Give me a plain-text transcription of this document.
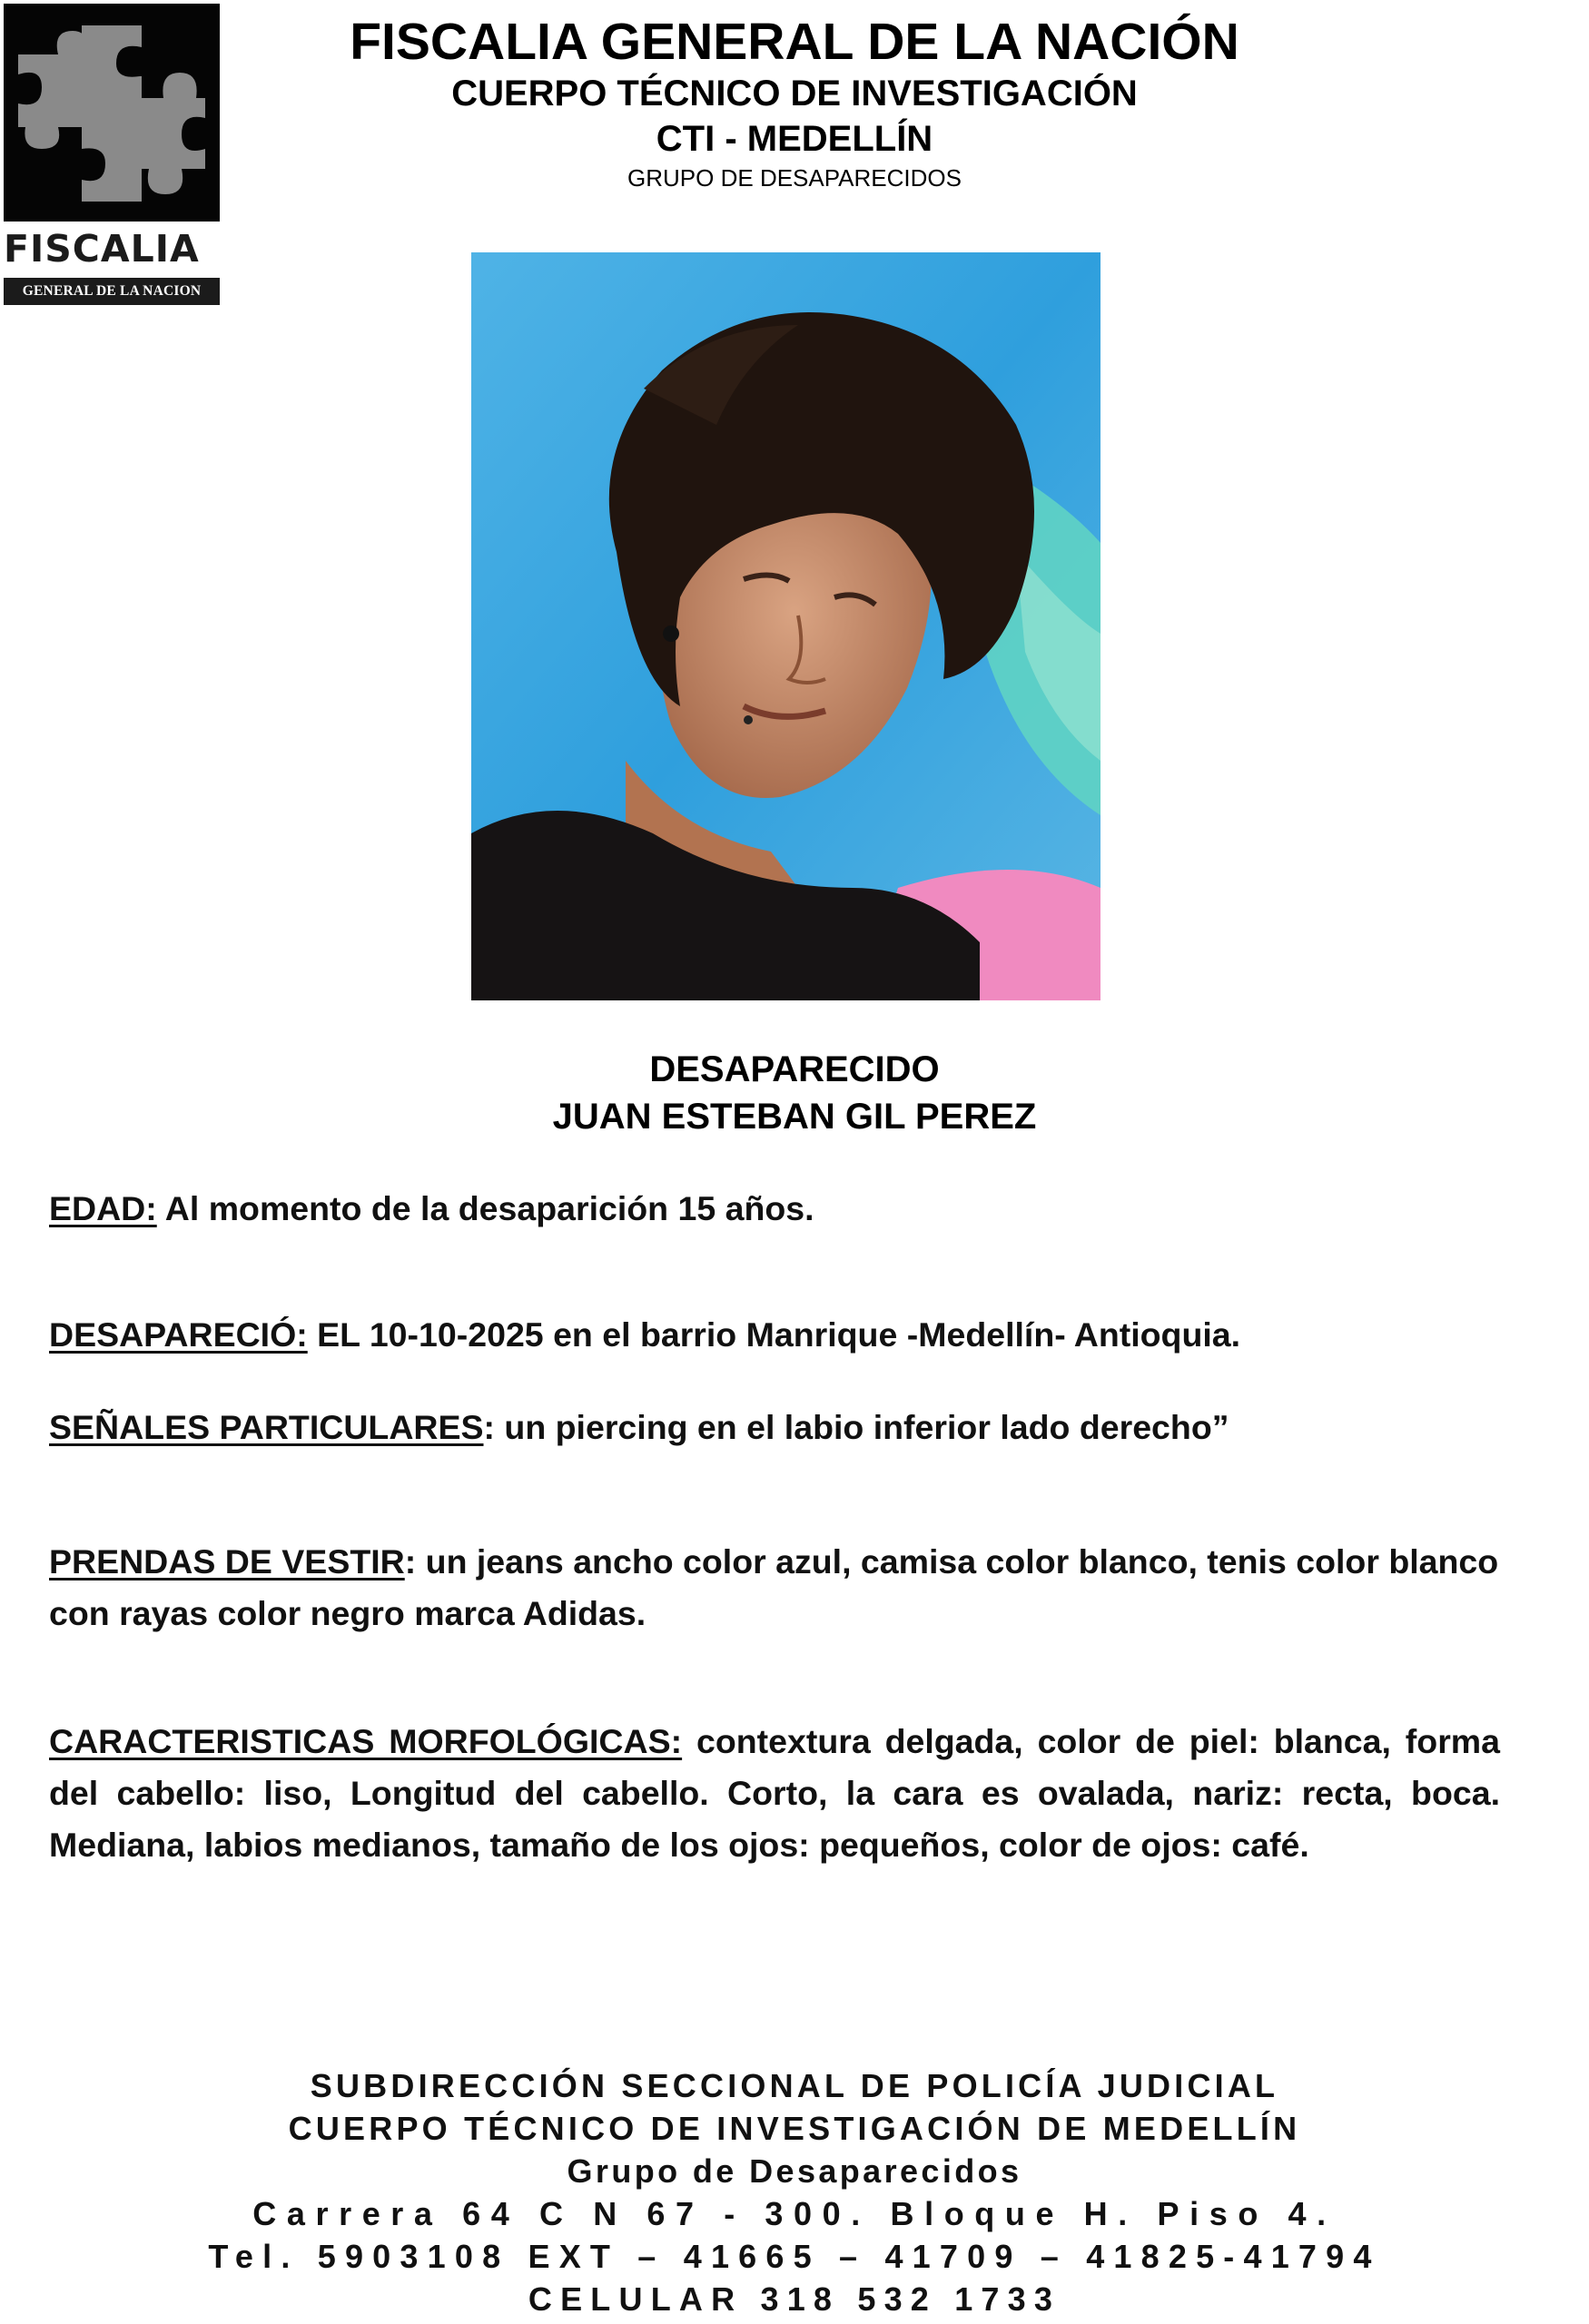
FISCALIA
GENERAL DE LA NACION
FISCALIA GENERAL DE LA NACIÓN
CUERPO TÉCNICO DE INVESTIGACIÓN
CTI - MEDELLÍN
GRUPO DE DESAPARECIDOS
DESAPARECIDO
JUAN ESTEBAN GIL PEREZ
EDAD: Al momento de la desaparición 15 años.
DESAPARECIÓ: EL 10-10-2025 en el barrio Manrique -Medellín- Antioquia.
SEÑALES PARTICULARES: un piercing en el labio inferior lado derecho”
PRENDAS DE VESTIR: un jeans ancho color azul, camisa color blanco, tenis color blanco con rayas color negro marca Adidas.
CARACTERISTICAS MORFOLÓGICAS: contextura delgada, color de piel: blanca, forma del cabello: liso, Longitud del cabello. Corto, la cara es ovalada, nariz: recta, boca. Mediana, labios medianos, tamaño de los ojos: pequeños, color de ojos: café.
SUBDIRECCIÓN SECCIONAL DE POLICÍA JUDICIAL
CUERPO TÉCNICO DE INVESTIGACIÓN DE MEDELLÍN
Grupo de Desaparecidos
Carrera 64 C N 67 - 300. Bloque H. Piso 4.
Tel. 5903108 EXT – 41665 – 41709 – 41825-41794
CELULAR 318 532 1733
